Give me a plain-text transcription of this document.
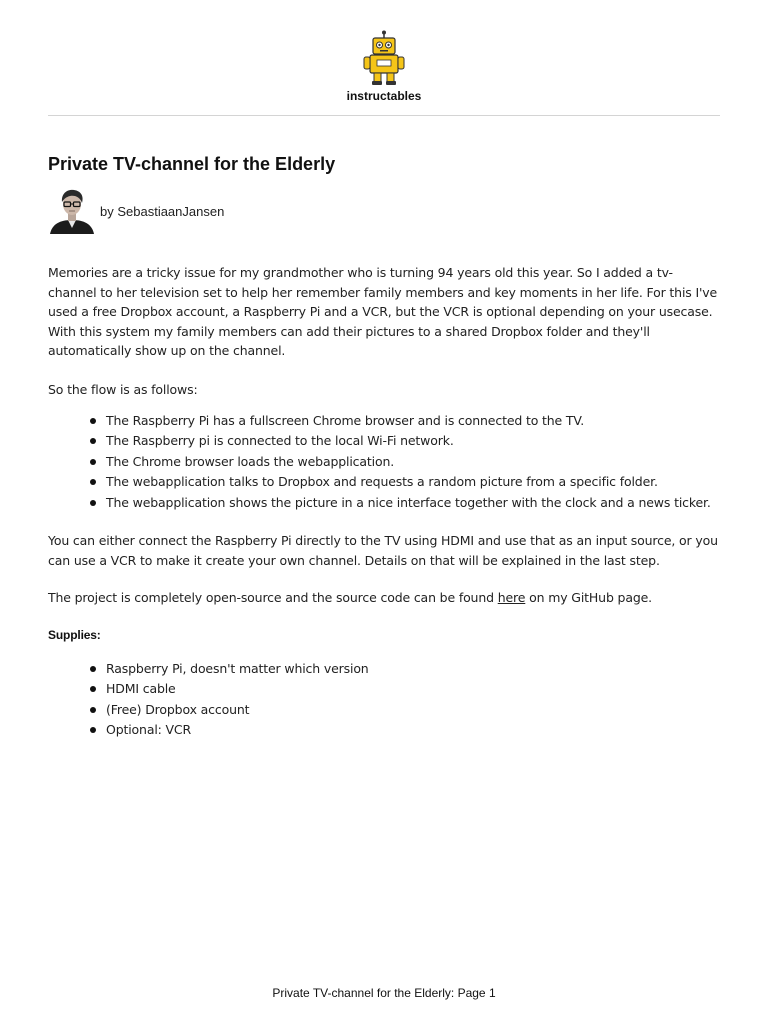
instructables
Private TV-channel for the Elderly
by SebastiaanJansen

Memories are a tricky issue for my grandmother who is turning 94 years old this year. So I added a tv-channel to her television set to help her remember family members and key moments in her life. For this I've used a free Dropbox account, a Raspberry Pi and a VCR, but the VCR is optional depending on your usecase.

With this system my family members can add their pictures to a shared Dropbox folder and they'll automatically show up on the channel.

So the flow is as follows:

The Raspberry Pi has a fullscreen Chrome browser and is connected to the TV.
The Raspberry pi is connected to the local Wi-Fi network.
The Chrome browser loads the webapplication.
The webapplication talks to Dropbox and requests a random picture from a specific folder.
The webapplication shows the picture in a nice interface together with the clock and a news ticker.

You can either connect the Raspberry Pi directly to the TV using HDMI and use that as an input source, or you can use a VCR to make it create your own channel. Details on that will be explained in the last step.

The project is completely open-source and the source code can be found here on my GitHub page.

Supplies:

Raspberry Pi, doesn't matter which version
HDMI cable
(Free) Dropbox account
Optional: VCR
Private TV-channel for the Elderly: Page 1
